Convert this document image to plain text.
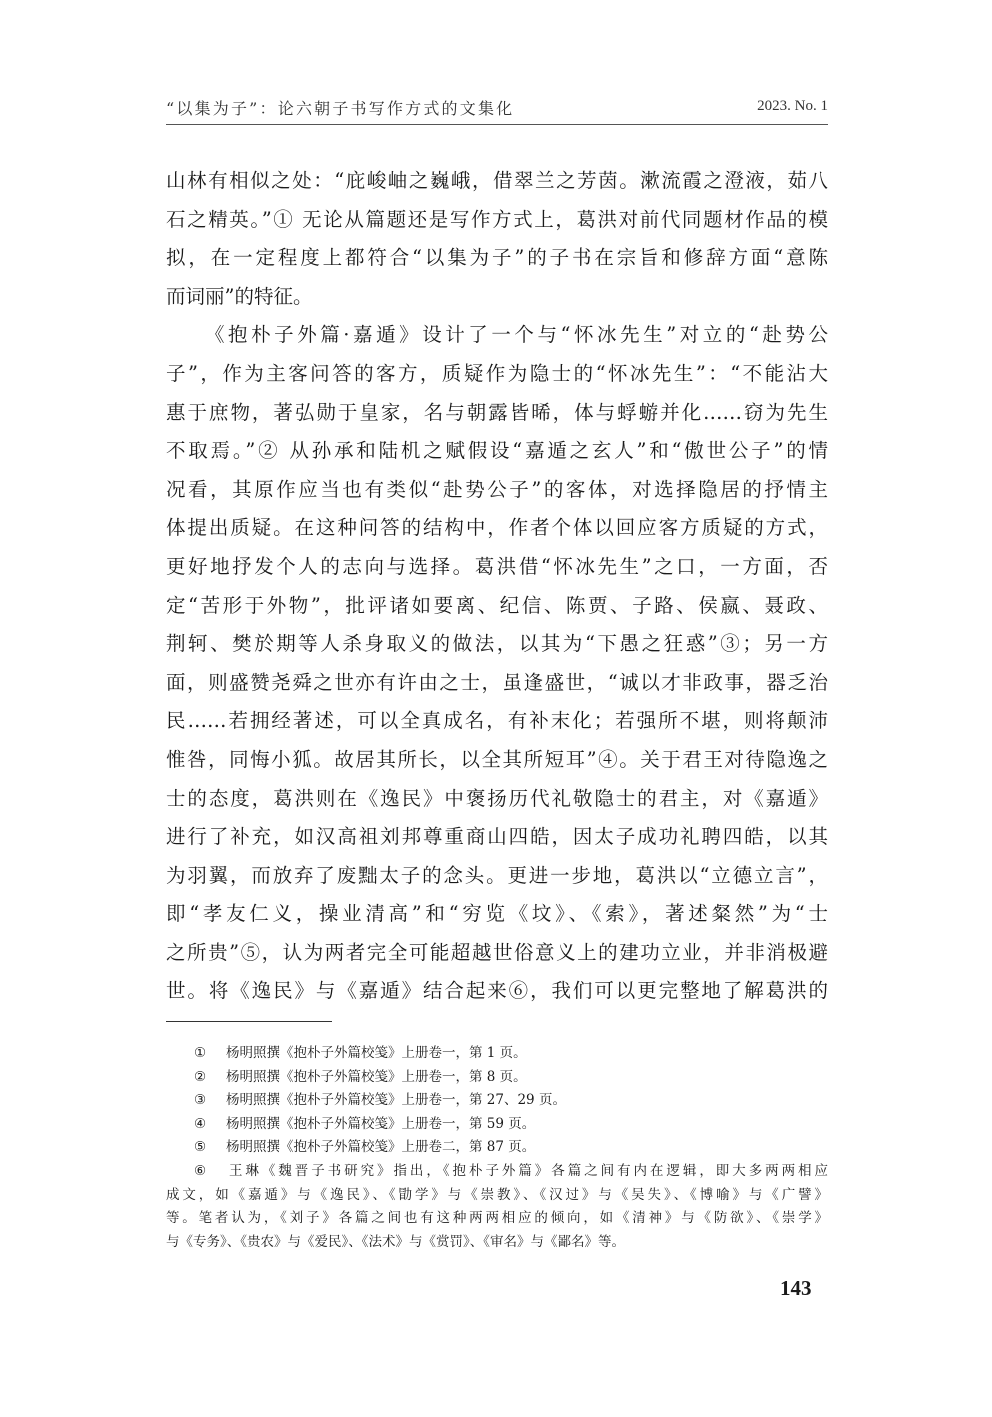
“以集为子”：论六朝子书写作方式的文集化	2023. No. 1
山林有相似之处：“庇峻岫之巍峨，借翠兰之芳茵。漱流霞之澄液，茹八
石之精英。”① 无论从篇题还是写作方式上，葛洪对前代同题材作品的模
拟，在一定程度上都符合“以集为子”的子书在宗旨和修辞方面“意陈
而词丽”的特征。
《抱朴子外篇·嘉遁》设计了一个与“怀冰先生”对立的“赴势公
子”，作为主客问答的客方，质疑作为隐士的“怀冰先生”：“不能沾大
惠于庶物，著弘勋于皇家，名与朝露皆晞，体与蜉蝣并化……窃为先生
不取焉。”② 从孙承和陆机之赋假设“嘉遁之玄人”和“傲世公子”的情
况看，其原作应当也有类似“赴势公子”的客体，对选择隐居的抒情主
体提出质疑。在这种问答的结构中，作者个体以回应客方质疑的方式，
更好地抒发个人的志向与选择。葛洪借“怀冰先生”之口，一方面，否
定“苦形于外物”，批评诸如要离、纪信、陈贾、子路、侯嬴、聂政、
荆轲、樊於期等人杀身取义的做法，以其为“下愚之狂惑”③；另一方
面，则盛赞尧舜之世亦有许由之士，虽逢盛世，“诚以才非政事，器乏治
民……若拥经著述，可以全真成名，有补末化；若强所不堪，则将颠沛
惟咎，同悔小狐。故居其所长，以全其所短耳”④。关于君王对待隐逸之
士的态度，葛洪则在《逸民》中褒扬历代礼敬隐士的君主，对《嘉遁》
进行了补充，如汉高祖刘邦尊重商山四皓，因太子成功礼聘四皓，以其
为羽翼，而放弃了废黜太子的念头。更进一步地，葛洪以“立德立言”，
即“孝友仁义，操业清高”和“穷览《坟》、《索》，著述粲然”为“士
之所贵”⑤，认为两者完全可能超越世俗意义上的建功立业，并非消极避
世。将《逸民》与《嘉遁》结合起来⑥，我们可以更完整地了解葛洪的
① 杨明照撰《抱朴子外篇校笺》上册卷一，第 1 页。
② 杨明照撰《抱朴子外篇校笺》上册卷一，第 8 页。
③ 杨明照撰《抱朴子外篇校笺》上册卷一，第 27、29 页。
④ 杨明照撰《抱朴子外篇校笺》上册卷一，第 59 页。
⑤ 杨明照撰《抱朴子外篇校笺》上册卷二，第 87 页。
⑥ 王琳《魏晋子书研究》指出，《抱朴子外篇》各篇之间有内在逻辑，即大多两两相应
成文，如《嘉遁》与《逸民》、《勖学》与《崇教》、《汉过》与《吴失》、《博喻》与《广譬》
等。笔者认为，《刘子》各篇之间也有这种两两相应的倾向，如《清神》与《防欲》、《崇学》
与《专务》、《贵农》与《爱民》、《法术》与《赏罚》、《审名》与《鄙名》等。
143
